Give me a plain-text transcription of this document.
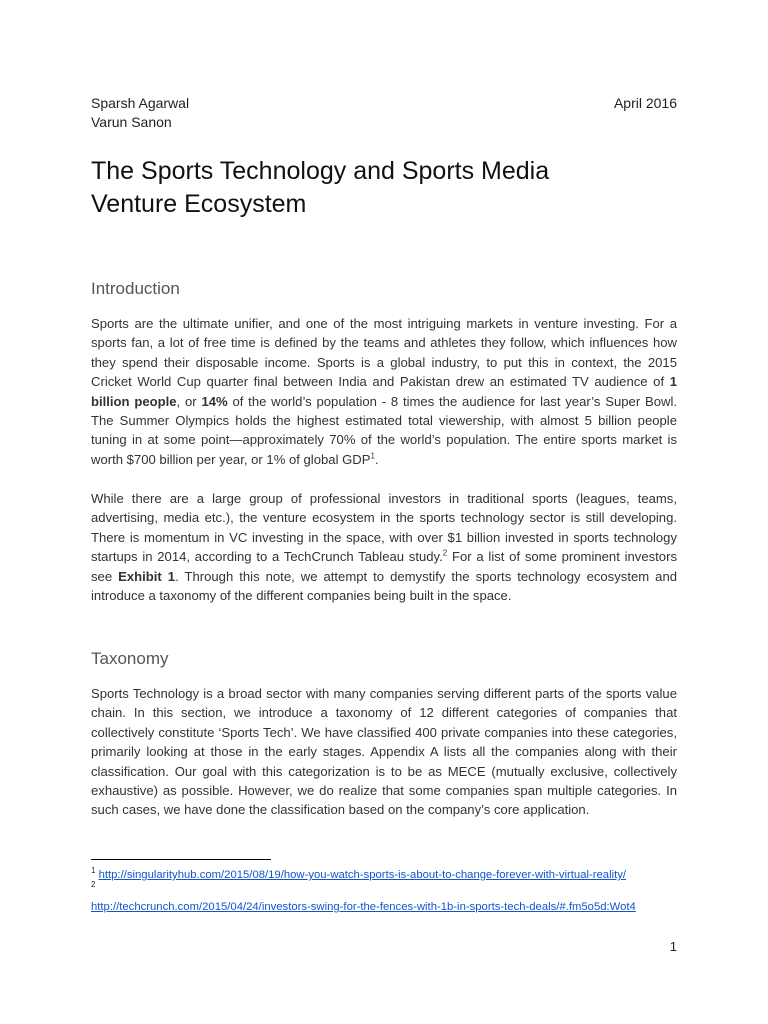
Sparsh Agarwal
Varun Sanon
April 2016
The Sports Technology and Sports Media
Venture Ecosystem
Introduction

Sports are the ultimate unifier, and one of the most intriguing markets in venture investing. For a sports fan, a lot of free time is defined by the teams and athletes they follow, which influences how they spend their disposable income. Sports is a global industry, to put this in context, the 2015 Cricket World Cup quarter final between India and Pakistan drew an estimated TV audience of 1 billion people, or 14% of the world’s population - 8 times the audience for last year’s Super Bowl. The Summer Olympics holds the highest estimated total viewership, with almost 5 billion people tuning in at some point—approximately 70% of the world’s population. The entire sports market is worth $700 billion per year, or 1% of global GDP$^1$.

While there are a large group of professional investors in traditional sports (leagues, teams, advertising, media etc.), the venture ecosystem in the sports technology sector is still developing. There is momentum in VC investing in the space, with over $1 billion invested in sports technology startups in 2014, according to a TechCrunch Tableau study.$^2$ For a list of some prominent investors see Exhibit 1. Through this note, we attempt to demystify the sports technology ecosystem and introduce a taxonomy of the different companies being built in the space.

Taxonomy

Sports Technology is a broad sector with many companies serving different parts of the sports value chain. In this section, we introduce a taxonomy of 12 different categories of companies that collectively constitute ‘Sports Tech’. We have classified 400 private companies into these categories, primarily looking at those in the early stages. Appendix A lists all the companies along with their classification. Our goal with this categorization is to be as MECE (mutually exclusive, collectively exhaustive) as possible. However, we do realize that some companies span multiple categories. In such cases, we have done the classification based on the company’s core application.

$^1$ http://singularityhub.com/2015/08/19/how-you-watch-sports-is-about-to-change-forever-with-virtual-reality/
$^2$
http://techcrunch.com/2015/04/24/investors-swing-for-the-fences-with-1b-in-sports-tech-deals/#.fm5o5d:Wot4
1
